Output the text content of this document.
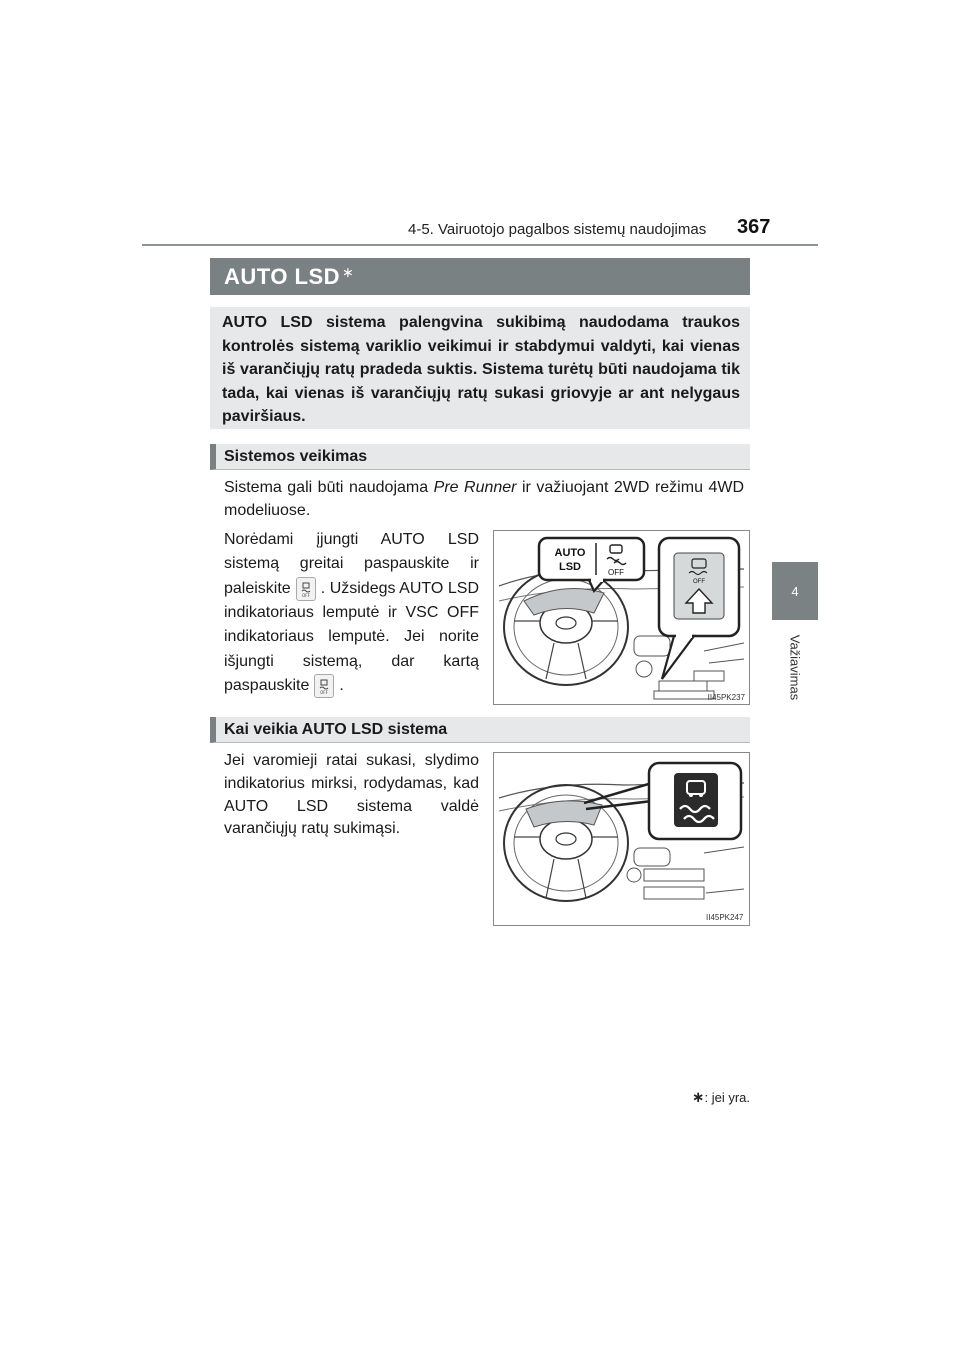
4-5. Vairuotojo pagalbos sistemų naudojimas 367
4
Važiavimas
AUTO LSD∗

AUTO LSD sistema palengvina sukibimą naudodama traukos kontrolės sistemą variklio veikimui ir stabdymui valdyti, kai vienas iš varančiųjų ratų pradeda suktis. Sistema turėtų būti naudojama tik tada, kai vienas iš varančiųjų ratų sukasi griovyje ar ant nelygaus paviršiaus.

Sistemos veikimas

Sistema gali būti naudojama Pre Runner ir važiuojant 2WD režimu 4WD modeliuose.

Norėdami įjungti AUTO LSD sistemą greitai paspauskite ir paleiskite	OFF . Užsidegs AUTO LSD indikatoriaus lemputė ir VSC OFF indikatoriaus lemputė. Jei norite išjungti sistemą, dar kartą paspauskite	OFF .

AUTO
LSD	OFF
OFF
II45PK237
Kai veikia AUTO LSD sistema

Jei varomieji ratai sukasi, slydimo indikatorius mirksi, rodydamas, kad AUTO LSD sistema valdė varančiųjų ratų sukimąsi.

II45PK247
∗: jei yra.
